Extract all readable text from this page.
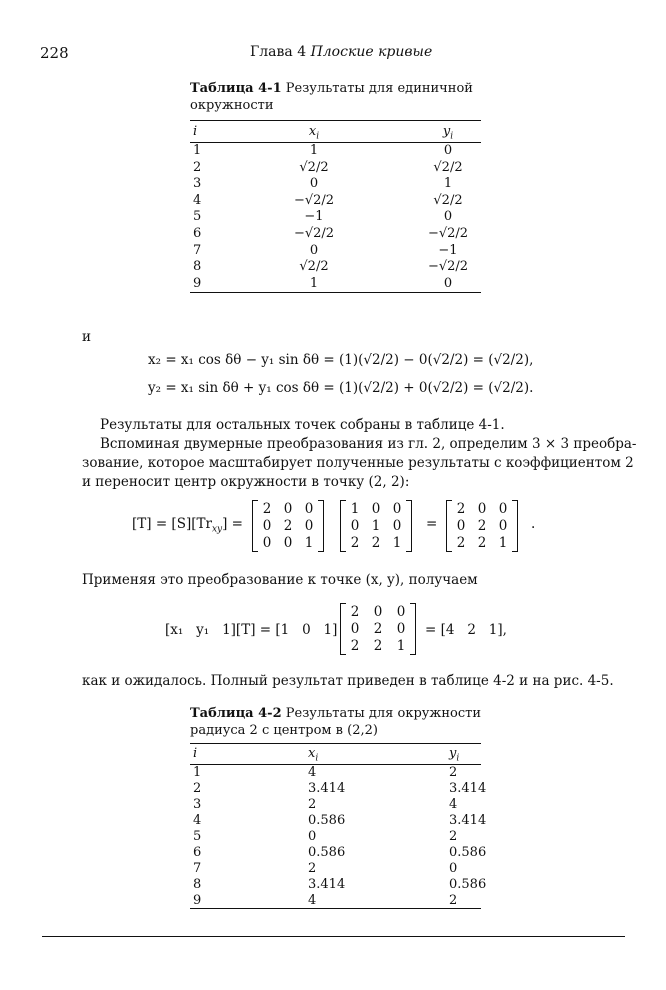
228	Глава 4 Плоские кривые
Таблица 4-1 Результаты для единичной
окружности
i	$x_i$	$y_i$
1	1	0
2	√2/2	√2/2
3	0	1
4	−√2/2	√2/2
5	−1	0
6	−√2/2	−√2/2
7	0	−1
8	√2/2	−√2/2
9	1	0
и
x₂ = x₁ cos δθ − y₁ sin δθ = (1)(√2/2) − 0(√2/2) = (√2/2),
y₂ = x₁ sin δθ + y₁ cos δθ = (1)(√2/2) + 0(√2/2) = (√2/2).
Результаты для остальных точек собраны в таблице 4-1.
Вспоминая двумерные преобразования из гл. 2, определим 3 × 3 преобра-
зование, которое масштабирует полученные результаты с коэффициентом 2
и переносит центр окружности в точку (2, 2):
$[T] = [S][Tr_{xy}]$ =
2 0 0
0 2 0
0 0 1
1 0 0
0 1 0
2 2 1
=
2 0 0
0 2 0
2 2 1
.
Применяя это преобразование к точке (x, y), получаем
[x₁   y₁   1][T] = [1   0   1]
2 0 0
0 2 0
2 2 1
= [4   2   1],
как и ожидалось. Полный результат приведен в таблице 4-2 и на рис. 4-5.
Таблица 4-2 Результаты для окружности
радиуса 2 с центром в (2,2)
i	$x_i$	$y_i$
1	4	2
2	3.414	3.414
3	2	4
4	0.586	3.414
5	0	2
6	0.586	0.586
7	2	0
8	3.414	0.586
9	4	2
